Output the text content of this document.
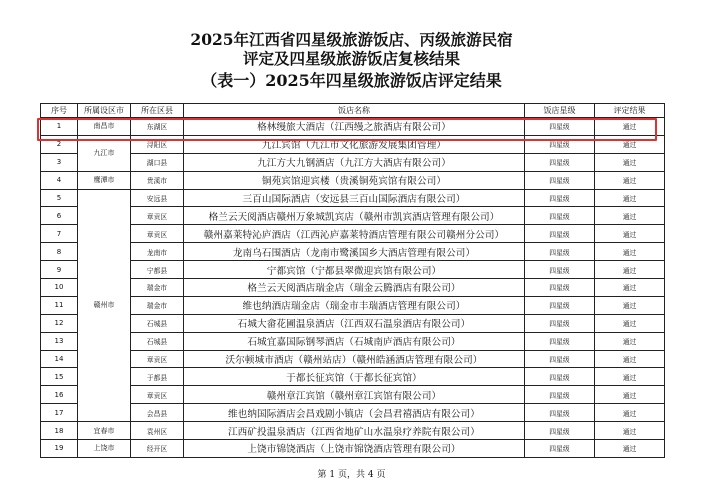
2025年江西省四星级旅游饭店、丙级旅游民宿
评定及四星级旅游饭店复核结果
（表一）2025年四星级旅游饭店评定结果
序号	所属设区市	所在区县	饭店名称	饭店星级	评定结果
1	南昌市	东湖区	格林缦旅大酒店（江西缦之旅酒店有限公司）	四星级	通过
2	九江市	浔阳区	九江宾馆（九江市文化旅游发展集团管理）	四星级	通过
3		湖口县	九江方大九钢酒店（九江方大酒店有限公司）	四星级	通过
4	鹰潭市	贵溪市	铜苑宾馆迎宾楼（贵溪铜苑宾馆有限公司）	四星级	通过
5	赣州市	安远县	三百山国际酒店（安远县三百山国际酒店有限公司）	四星级	通过
6		章贡区	格兰云天阅酒店赣州万象城凯宾店（赣州市凯宾酒店管理有限公司）	四星级	通过
7		章贡区	赣州嘉莱特沁庐酒店（江西沁庐嘉莱特酒店管理有限公司赣州分公司）	四星级	通过
8		龙南市	龙南乌石围酒店（龙南市鹭溪国乡大酒店管理有限公司）	四星级	通过
9		宁都县	宁都宾馆（宁都县翠微迎宾馆有限公司）	四星级	通过
10		瑞金市	格兰云天阅酒店瑞金店（瑞金云腾酒店有限公司）	四星级	通过
11		瑞金市	维也纳酒店瑞金店（瑞金市丰瑞酒店管理有限公司）	四星级	通过
12		石城县	石城大畲花圃温泉酒店（江西双石温泉酒店有限公司）	四星级	通过
13		石城县	石城宜嘉国际钢琴酒店（石城南庐酒店有限公司）	四星级	通过
14		章贡区	沃尔顿城市酒店（赣州站店）（赣州皓涵酒店管理有限公司）	四星级	通过
15		于都县	于都长征宾馆（于都长征宾馆）	四星级	通过
16		章贡区	赣州章江宾馆（赣州章江宾馆有限公司）	四星级	通过
17		会昌县	维也纳国际酒店会昌戏剧小镇店（会昌君禧酒店有限公司）	四星级	通过
18	宜春市	袁州区	江西矿投温泉酒店（江西省地矿山水温泉疗养院有限公司）	四星级	通过
19	上饶市	经开区	上饶市锦饶酒店（上饶市锦饶酒店管理有限公司）	四星级	通过
第 1 页，共 4 页
